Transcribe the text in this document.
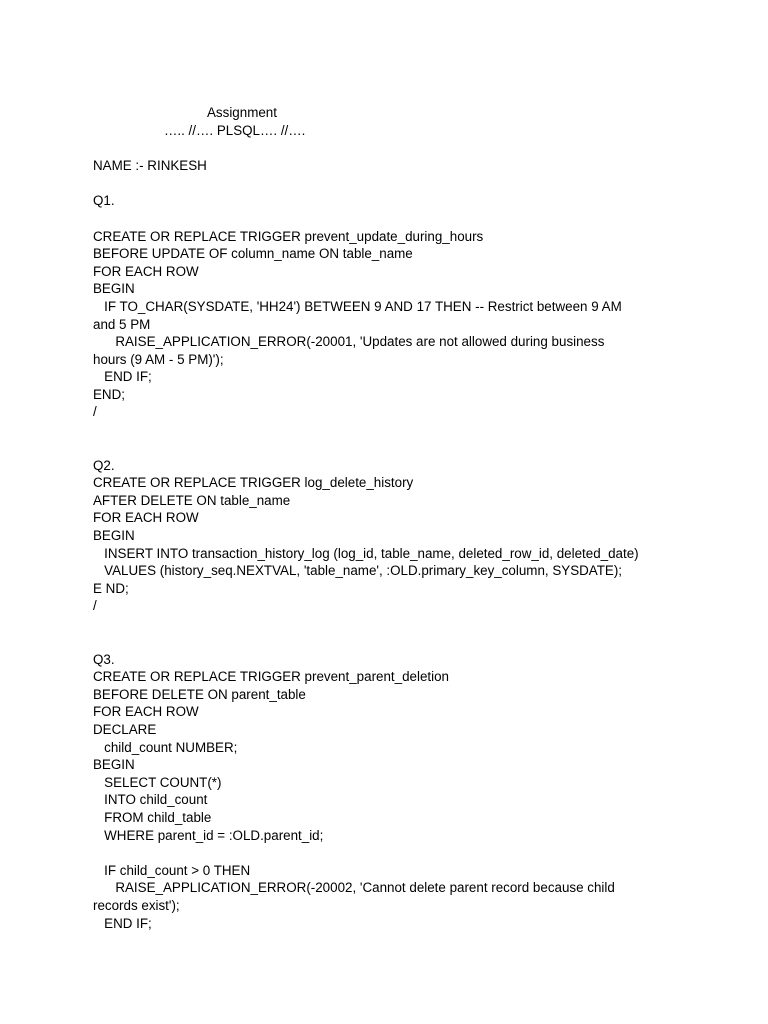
Assignment
….. //…. PLSQL…. //….
NAME :- RINKESH
Q1.
CREATE OR REPLACE TRIGGER prevent_update_during_hours
BEFORE UPDATE OF column_name ON table_name
FOR EACH ROW
BEGIN
IF TO_CHAR(SYSDATE, 'HH24') BETWEEN 9 AND 17 THEN -- Restrict between 9 AM
and 5 PM
RAISE_APPLICATION_ERROR(-20001, 'Updates are not allowed during business
hours (9 AM - 5 PM)');
END IF;
END;
/
Q2.
CREATE OR REPLACE TRIGGER log_delete_history
AFTER DELETE ON table_name
FOR EACH ROW
BEGIN
INSERT INTO transaction_history_log (log_id, table_name, deleted_row_id, deleted_date)
VALUES (history_seq.NEXTVAL, 'table_name', :OLD.primary_key_column, SYSDATE);
E ND;
/
Q3.
CREATE OR REPLACE TRIGGER prevent_parent_deletion
BEFORE DELETE ON parent_table
FOR EACH ROW
DECLARE
child_count NUMBER;
BEGIN
SELECT COUNT(*)
INTO child_count
FROM child_table
WHERE parent_id = :OLD.parent_id;
IF child_count > 0 THEN
RAISE_APPLICATION_ERROR(-20002, 'Cannot delete parent record because child
records exist');
END IF;
